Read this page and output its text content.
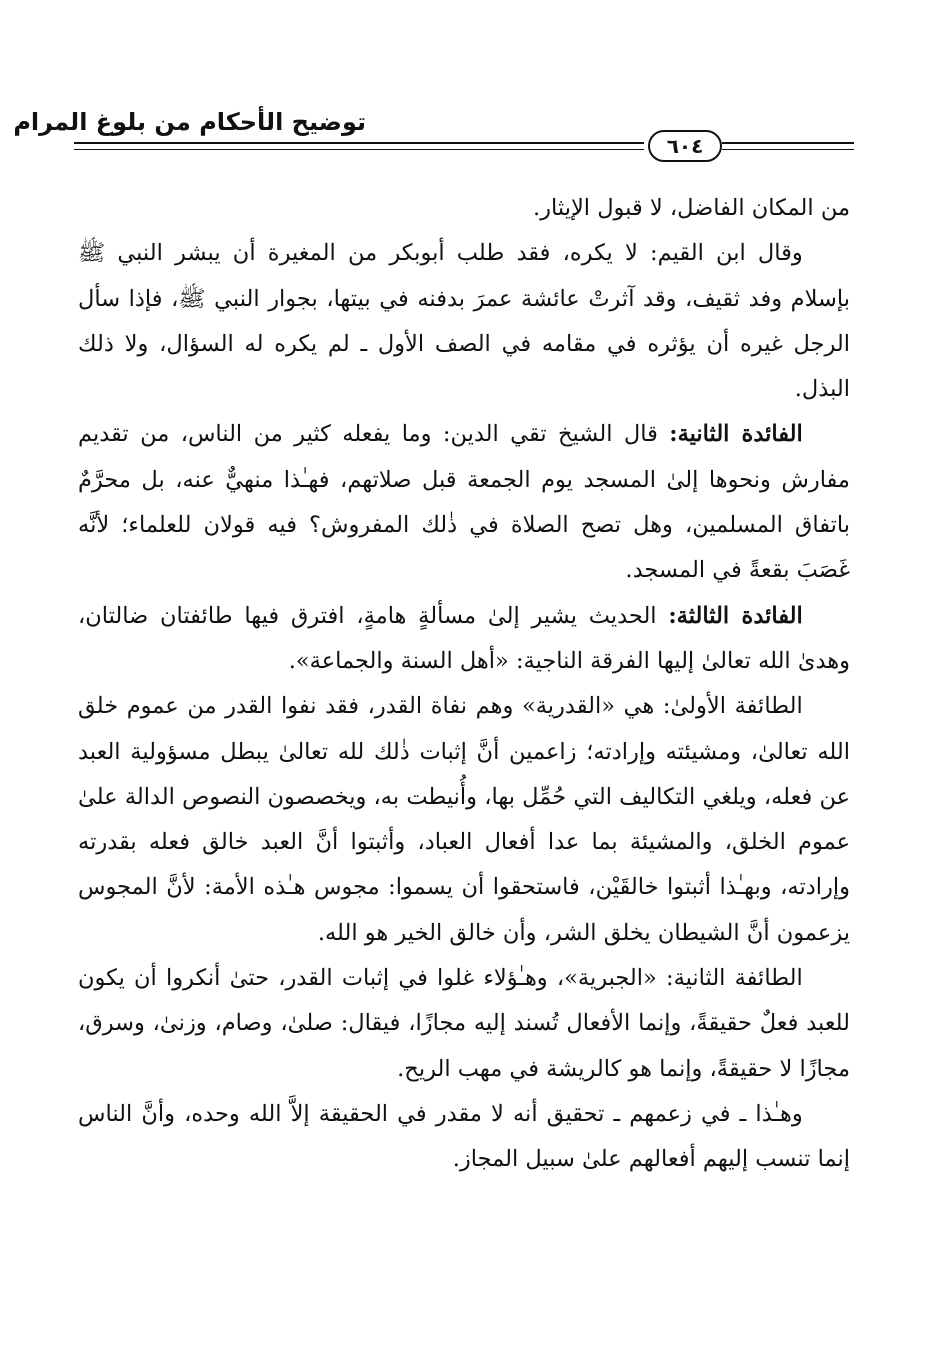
توضيح الأحكام من بلوغ المرام
٦٠٤

من المكان الفاضل، لا قبول الإيثار.

وقال ابن القيم: لا يكره، فقد طلب أبوبكر من المغيرة أن يبشر النبي ﷺ بإسلام وفد ثقيف، وقد آثرتْ عائشة عمرَ بدفنه في بيتها، بجوار النبي ﷺ، فإذا سأل الرجل غيره أن يؤثره في مقامه في الصف الأول ـ لم يكره له السؤال، ولا ذلك البذل.

الفائدة الثانية: قال الشيخ تقي الدين: وما يفعله كثير من الناس، من تقديم مفارش ونحوها إلىٰ المسجد يوم الجمعة قبل صلاتهم، فهـٰذا منهيٌّ عنه، بل محرَّمٌ باتفاق المسلمين، وهل تصح الصلاة في ذٰلك المفروش؟ فيه قولان للعلماء؛ لأنَّه غَصَبَ بقعةً في المسجد.

الفائدة الثالثة: الحديث يشير إلىٰ مسألةٍ هامةٍ، افترق فيها طائفتان ضالتان، وهدىٰ الله تعالىٰ إليها الفرقة الناجية: «أهل السنة والجماعة».

الطائفة الأولىٰ: هي «القدرية» وهم نفاة القدر، فقد نفوا القدر من عموم خلق الله تعالىٰ، ومشيئته وإرادته؛ زاعمين أنَّ إثبات ذٰلك لله تعالىٰ يبطل مسؤولية العبد عن فعله، ويلغي التكاليف التي حُمِّل بها، وأُنيطت به، ويخصصون النصوص الدالة علىٰ عموم الخلق، والمشيئة بما عدا أفعال العباد، وأثبتوا أنَّ العبد خالق فعله بقدرته وإرادته، وبهـٰذا أثبتوا خالقَيْن، فاستحقوا أن يسموا: مجوس هـٰذه الأمة: لأنَّ المجوس يزعمون أنَّ الشيطان يخلق الشر، وأن خالق الخير هو الله.

الطائفة الثانية: «الجبرية»، وهـٰؤلاء غلوا في إثبات القدر، حتىٰ أنكروا أن يكون للعبد فعلٌ حقيقةً، وإنما الأفعال تُسند إليه مجازًا، فيقال: صلىٰ، وصام، وزنىٰ، وسرق، مجازًا لا حقيقةً، وإنما هو كالريشة في مهب الريح.

وهـٰذا ـ في زعمهم ـ تحقيق أنه لا مقدر في الحقيقة إلاَّ الله وحده، وأنَّ الناس إنما تنسب إليهم أفعالهم علىٰ سبيل المجاز.
